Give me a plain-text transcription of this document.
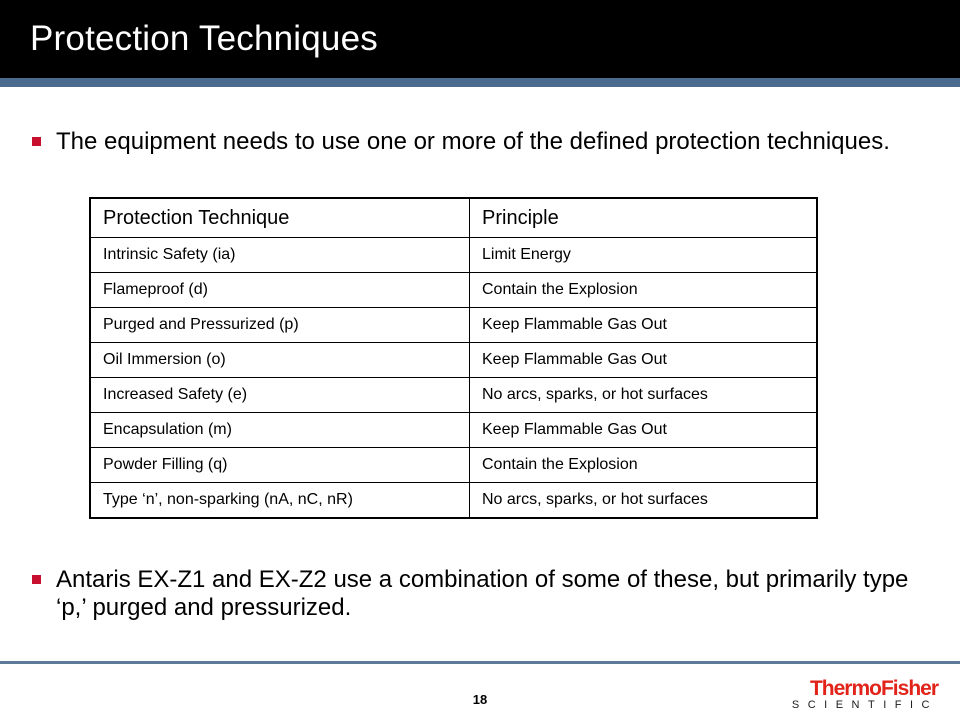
Protection Techniques
The equipment needs to use one or more of the defined protection techniques.
Protection Technique	Principle
Intrinsic Safety (ia)	Limit Energy
Flameproof (d)	Contain the Explosion
Purged and Pressurized (p)	Keep Flammable Gas Out
Oil Immersion (o)	Keep Flammable Gas Out
Increased Safety (e)	No arcs, sparks, or hot surfaces
Encapsulation (m)	Keep Flammable Gas Out
Powder Filling (q)	Contain the Explosion
Type ‘n’, non-sparking (nA, nC, nR)	No arcs, sparks, or hot surfaces
Antaris EX-Z1 and EX-Z2 use a combination of some of these, but primarily type ‘p,’ purged and pressurized.
18	ThermoFisher
SCIENTIFIC
